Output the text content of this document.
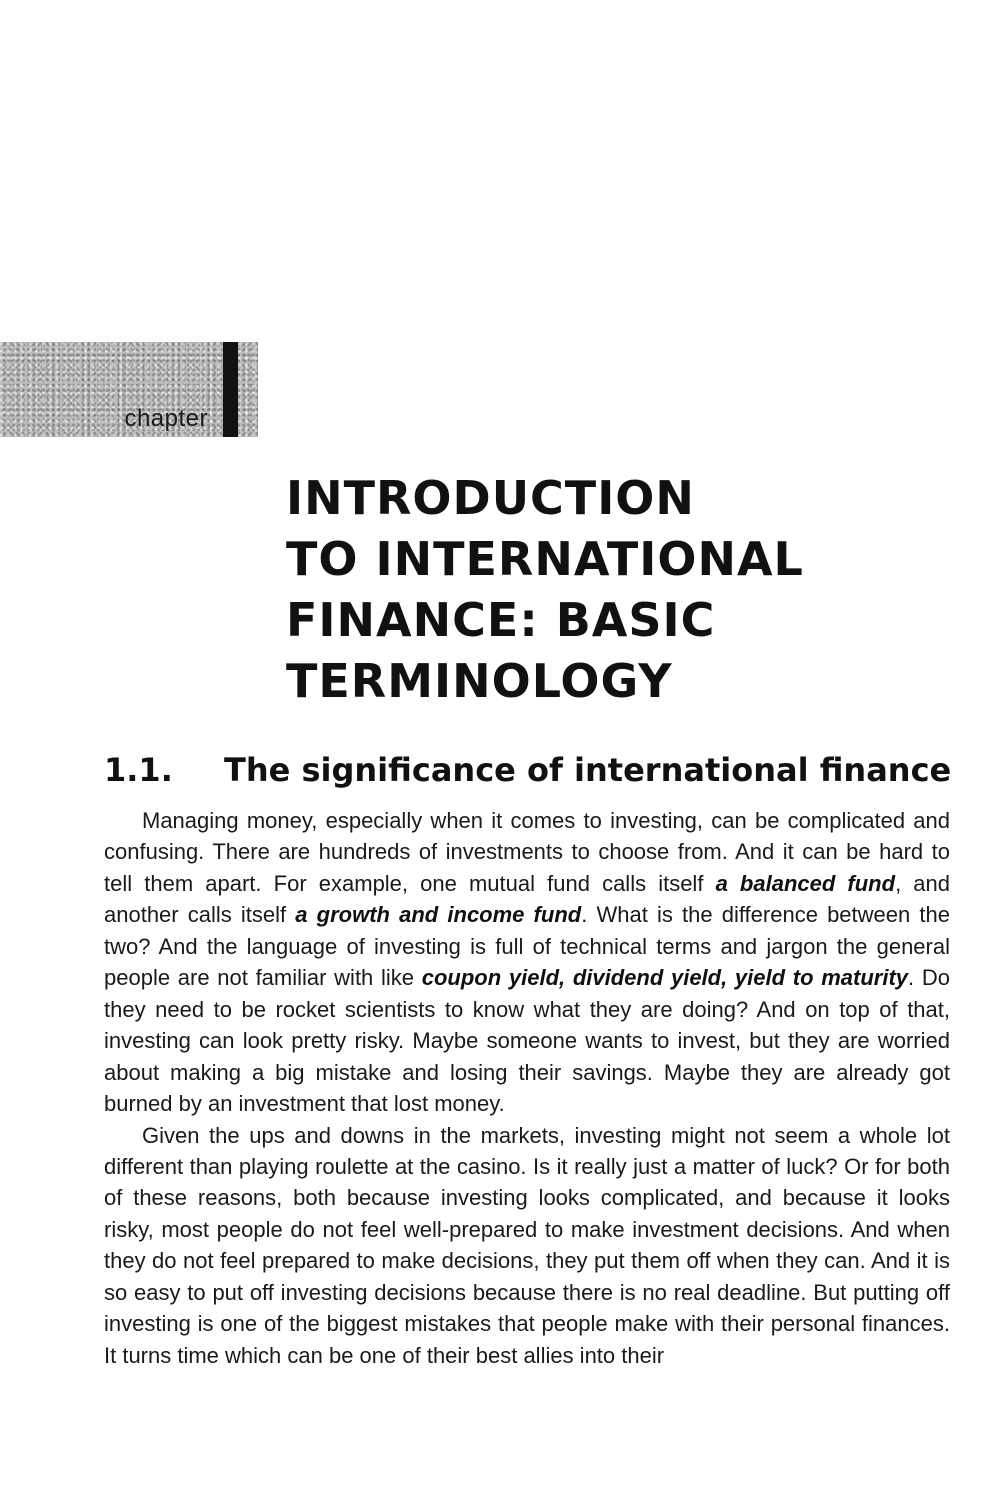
chapter
INTRODUCTION
TO INTERNATIONAL
FINANCE: BASIC
TERMINOLOGY
1.1. The significance of international finance

Managing money, especially when it comes to investing, can be complicated and confusing. There are hundreds of investments to choose from. And it can be hard to tell them apart. For example, one mutual fund calls itself a balanced fund, and another calls itself a growth and income fund. What is the difference between the two? And the language of investing is full of technical terms and jargon the general people are not familiar with like coupon yield, dividend yield, yield to maturity. Do they need to be rocket scientists to know what they are doing? And on top of that, investing can look pretty risky. Maybe someone wants to invest, but they are worried about making a big mistake and losing their savings. Maybe they are already got burned by an investment that lost money.

Given the ups and downs in the markets, investing might not seem a whole lot different than playing roulette at the casino. Is it really just a matter of luck? Or for both of these reasons, both because investing looks complicated, and because it looks risky, most people do not feel well-prepared to make investment decisions. And when they do not feel prepared to make decisions, they put them off when they can. And it is so easy to put off investing decisions because there is no real deadline. But putting off investing is one of the biggest mistakes that people make with their personal finances. It turns time which can be one of their best allies into their
